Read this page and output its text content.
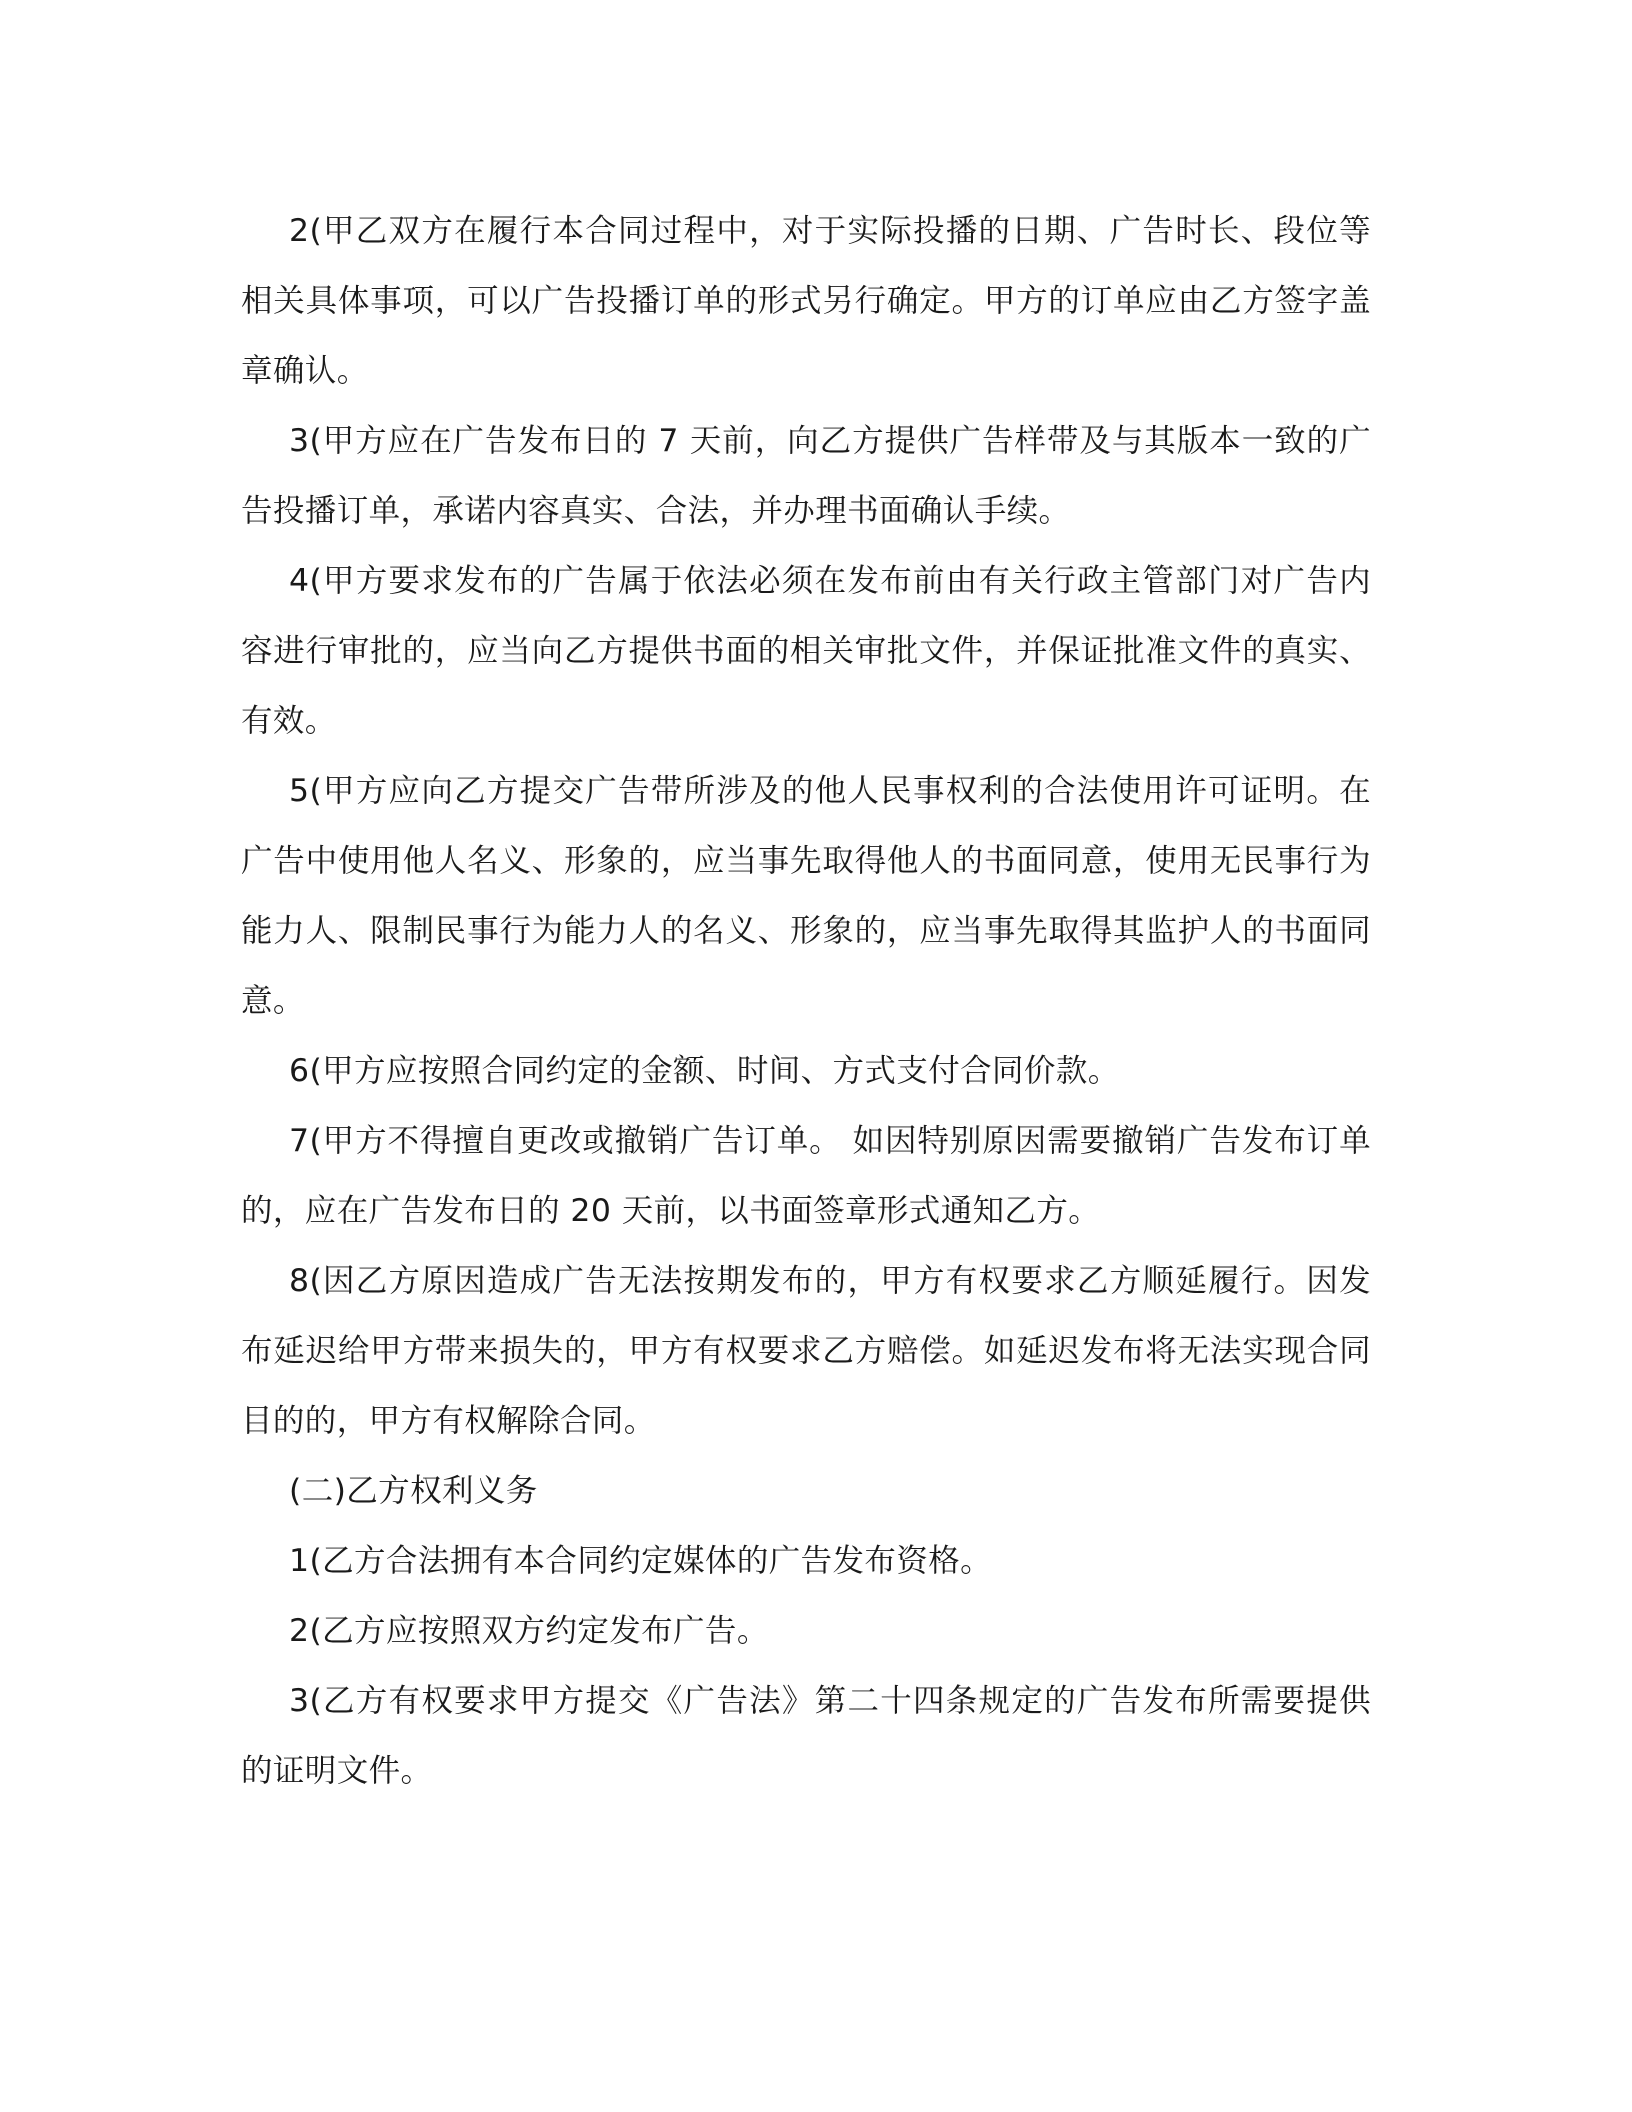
2(甲乙双方在履行本合同过程中，对于实际投播的日期、广告时长、段位等相关具体事项，可以广告投播订单的形式另行确定。甲方的订单应由乙方签字盖章确认。

3(甲方应在广告发布日的 7 天前，向乙方提供广告样带及与其版本一致的广告投播订单，承诺内容真实、合法，并办理书面确认手续。

4(甲方要求发布的广告属于依法必须在发布前由有关行政主管部门对广告内容进行审批的，应当向乙方提供书面的相关审批文件，并保证批准文件的真实、有效。

5(甲方应向乙方提交广告带所涉及的他人民事权利的合法使用许可证明。在广告中使用他人名义、形象的，应当事先取得他人的书面同意，使用无民事行为能力人、限制民事行为能力人的名义、形象的，应当事先取得其监护人的书面同意。

6(甲方应按照合同约定的金额、时间、方式支付合同价款。

7(甲方不得擅自更改或撤销广告订单。 如因特别原因需要撤销广告发布订单的，应在广告发布日的 20 天前，以书面签章形式通知乙方。

8(因乙方原因造成广告无法按期发布的，甲方有权要求乙方顺延履行。因发布延迟给甲方带来损失的，甲方有权要求乙方赔偿。如延迟发布将无法实现合同目的的，甲方有权解除合同。

(二)乙方权利义务

1(乙方合法拥有本合同约定媒体的广告发布资格。

2(乙方应按照双方约定发布广告。

3(乙方有权要求甲方提交《广告法》第二十四条规定的广告发布所需要提供的证明文件。
